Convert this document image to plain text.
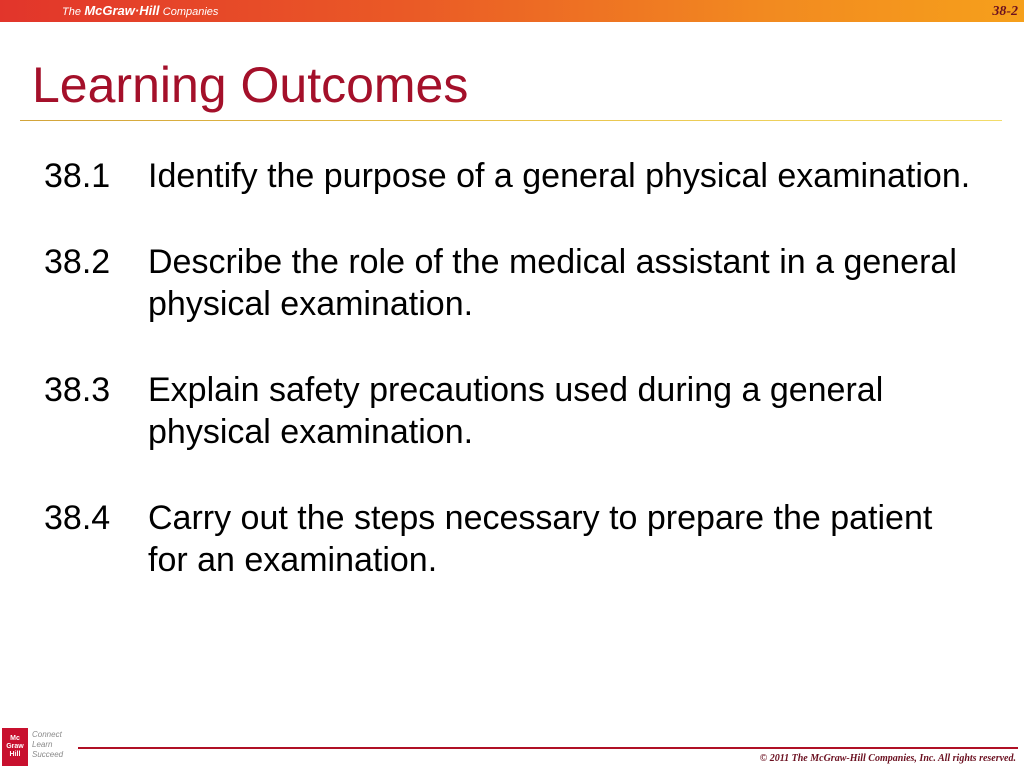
The McGraw·Hill Companies	38-2
Learning Outcomes
38.1	Identify the purpose of a general physical examination.
38.2	Describe the role of the medical assistant in a general physical examination.
38.3	Explain safety precautions used during a general physical examination.
38.4	Carry out the steps necessary to prepare the patient for an examination.
Mc
Graw
Hill
Connect
Learn
Succeed	© 2011 The McGraw-Hill Companies, Inc. All rights reserved.
